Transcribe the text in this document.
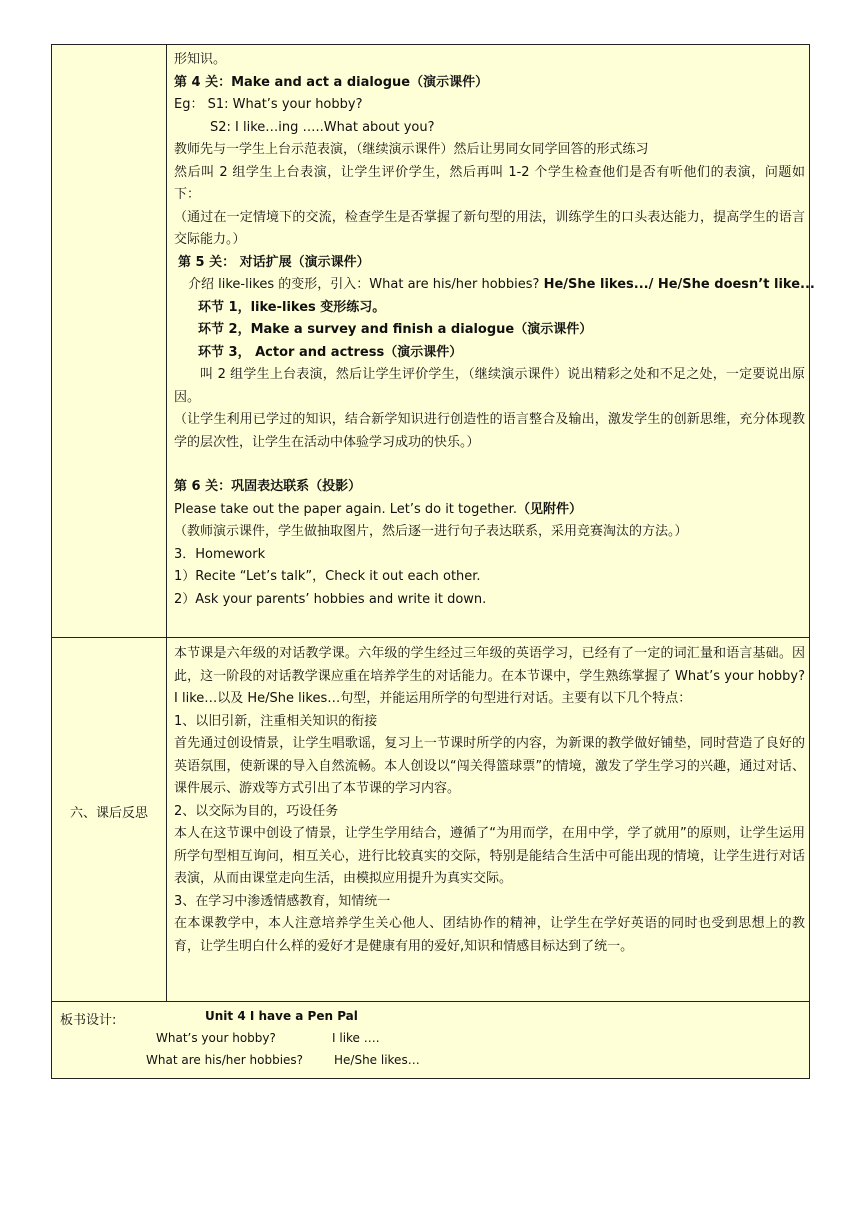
形知识。

第 4 关：Make and act a dialogue（演示课件）

Eg： S1: What’s your hobby?

S2: I like…ing …..What about you?

教师先与一学生上台示范表演，（继续演示课件）然后让男同女同学回答的形式练习

然后叫 2 组学生上台表演，让学生评价学生，然后再叫 1-2 个学生检查他们是否有听他们的表演，问题如下：

（通过在一定情境下的交流，检查学生是否掌握了新句型的用法，训练学生的口头表达能力，提高学生的语言交际能力。）

第 5 关： 对话扩展（演示课件）

介绍 like-likes 的变形，引入：What are his/her hobbies? He/She likes.../ He/She doesn’t like...

环节 1，like-likes 变形练习。

环节 2，Make a survey and finish a dialogue（演示课件）

环节 3， Actor and actress（演示课件）

叫 2 组学生上台表演，然后让学生评价学生，（继续演示课件）说出精彩之处和不足之处，一定要说出原因。

（让学生利用已学过的知识，结合新学知识进行创造性的语言整合及输出，激发学生的创新思维，充分体现教学的层次性，让学生在活动中体验学习成功的快乐。）

第 6 关：巩固表达联系（投影）

Please take out the paper again. Let’s do it together.（见附件）

（教师演示课件，学生做抽取图片，然后逐一进行句子表达联系，采用竞赛淘汰的方法。）

3．Homework

1）Recite “Let’s talk”，Check it out each other.

2）Ask your parents’ hobbies and write it down.

六、课后反思

本节课是六年级的对话教学课。六年级的学生经过三年级的英语学习，已经有了一定的词汇量和语言基础。因此，这一阶段的对话教学课应重在培养学生的对话能力。在本节课中，学生熟练掌握了 What’s your hobby? I like…以及 He/She likes…句型，并能运用所学的句型进行对话。主要有以下几个特点：

1、以旧引新，注重相关知识的衔接

首先通过创设情景，让学生唱歌谣，复习上一节课时所学的内容，为新课的教学做好铺垫，同时营造了良好的英语氛围，使新课的导入自然流畅。本人创设以“闯关得篮球票”的情境，激发了学生学习的兴趣，通过对话、课件展示、游戏等方式引出了本节课的学习内容。

2、以交际为目的，巧设任务

本人在这节课中创设了情景，让学生学用结合，遵循了“为用而学，在用中学，学了就用”的原则，让学生运用所学句型相互询问，相互关心，进行比较真实的交际，特别是能结合生活中可能出现的情境，让学生进行对话表演，从而由课堂走向生活，由模拟应用提升为真实交际。

3、在学习中渗透情感教育，知情统一

在本课教学中，本人注意培养学生关心他人、团结协作的精神，让学生在学好英语的同时也受到思想上的教育，让学生明白什么样的爱好才是健康有用的爱好,知识和情感目标达到了统一。

板书设计:	Unit 4 I have a Pen Pal
What’s your hobby?	I like ….
What are his/her hobbies?	He/She likes…
